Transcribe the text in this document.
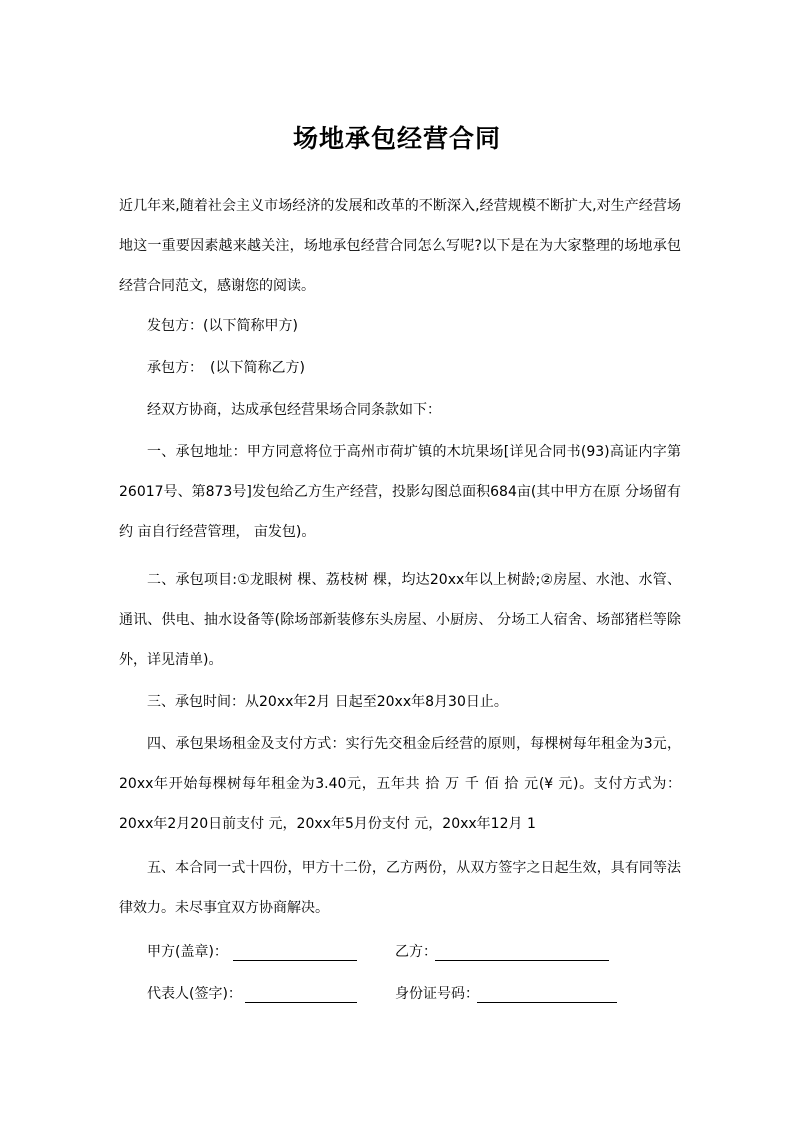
场地承包经营合同
近几年来,随着社会主义市场经济的发展和改革的不断深入,经营规模不断扩大,对生产经营场地这一重要因素越来越关注，场地承包经营合同怎么写呢?以下是在为大家整理的场地承包经营合同范文，感谢您的阅读。
发包方：(以下简称甲方)
承包方：　(以下简称乙方)
经双方协商，达成承包经营果场合同条款如下：
一、承包地址：甲方同意将位于高州市荷圹镇的木坑果场[详见合同书(93)高证内字第26017号、第873号]发包给乙方生产经营，投影勾图总面积684亩(其中甲方在原 分场留有约 亩自行经营管理， 亩发包)。
二、承包项目:①龙眼树 棵、荔枝树 棵，均达20xx年以上树龄;②房屋、水池、水管、通讯、供电、抽水设备等(除场部新装修东头房屋、小厨房、 分场工人宿舍、场部猪栏等除外，详见清单)。
三、承包时间：从20xx年2月 日起至20xx年8月30日止。
四、承包果场租金及支付方式：实行先交租金后经营的原则，每棵树每年租金为3元，20xx年开始每棵树每年租金为3.40元，五年共 拾 万 千 佰 拾 元(¥ 元)。支付方式为：20xx年2月20日前支付 元，20xx年5月份支付 元，20xx年12月 1
五、本合同一式十四份，甲方十二份，乙方两份，从双方签字之日起生效，具有同等法律效力。未尽事宜双方协商解决。
甲方(盖章)：	乙方：
代表人(签字)：	身份证号码：
